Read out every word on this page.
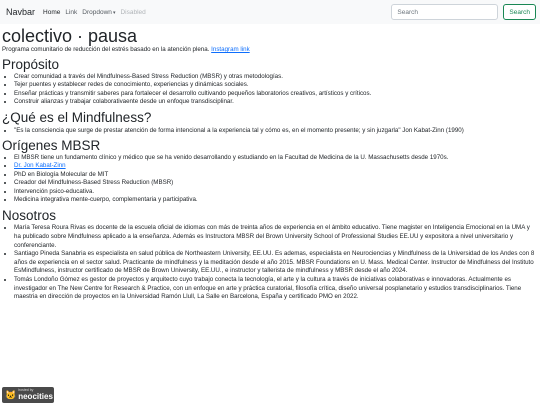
Navbar Home Link Dropdown▾ Disabled
Search	Search
colectivo · pausa

Programa comunitario de reducción del estrés basado en la atención plena. Instagram link

Propósito
• Crear comunidad a través del Mindfulness-Based Stress Reduction (MBSR) y otras metodologías.
• Tejer puentes y establecer redes de conocimiento, experiencias y dinámicas sociales.
• Enseñar prácticas y transmitir saberes para fortalecer el desarrollo cultivando pequeños laboratorios creativos, artísticos y críticos.
• Construir alianzas y trabajar colaborativaente desde un enfoque transdisciplinar.
¿Qué es el Mindfulness?
• "Es la consciencia que surge de prestar atención de forma intencional a la experiencia tal y cómo es, en el momento presente; y sin juzgarla" Jon Kabat-Zinn (1990)
Orígenes MBSR
• El MBSR tiene un fundamento clínico y médico que se ha venido desarrollando y estudiando en la Facultad de Medicina de la U. Massachusetts desde 1970s.
• Dr. Jon Kabat-Zinn
• PhD en Biología Molecular de MIT
• Creador del Mindfulness-Based Stress Reduction (MBSR)
• Intervención psico-educativa.
• Medicina integrativa mente-cuerpo, complementaria y participativa.
Nosotros
• María Teresa Roura Rivas es docente de la escuela oficial de idiomas con más de treinta años de experiencia en el ámbito educativo. Tiene magister en Inteligencia Emocional en la UMA y ha publicado sobre Mindfulness aplicado a la enseñanza. Además es Instructora MBSR del Brown University School of Professional Studies EE.UU y expositora a nivel universitario y conferenciante.
• Santiago Pineda Sanabria es especialista en salud pública de Northeastern University, EE.UU. Es ademas, especialista en Neurociencias y Mindfulness de la Universidad de los Andes con 8 años de experiencia en el sector salud. Practicante de mindfulness y la meditación desde el año 2015. MBSR Foundations en U. Mass. Medical Center. Instructor de Mindfulness del Instituto EsMindfulness, instructor certificado de MBSR de Brown University, EE.UU., e instructor y tallerista de mindfulness y MBSR desde el año 2024.
• Tomás Londoño Gómez es gestor de proyectos y arquitecto cuyo trabajo conecta la tecnología, el arte y la cultura a través de iniciativas colaborativas e innovadoras. Actualmente es investigador en The New Centre for Research & Practice, con un enfoque en arte y práctica curatorial, filosofía crítica, diseño universal posplanetario y estudios transdisciplinarios. Tiene maestria en dirección de proyectos en la Universidad Ramón Llull, La Salle en Barcelona, España y certificado PMO en 2022.
🐱 hosted by
neocities
